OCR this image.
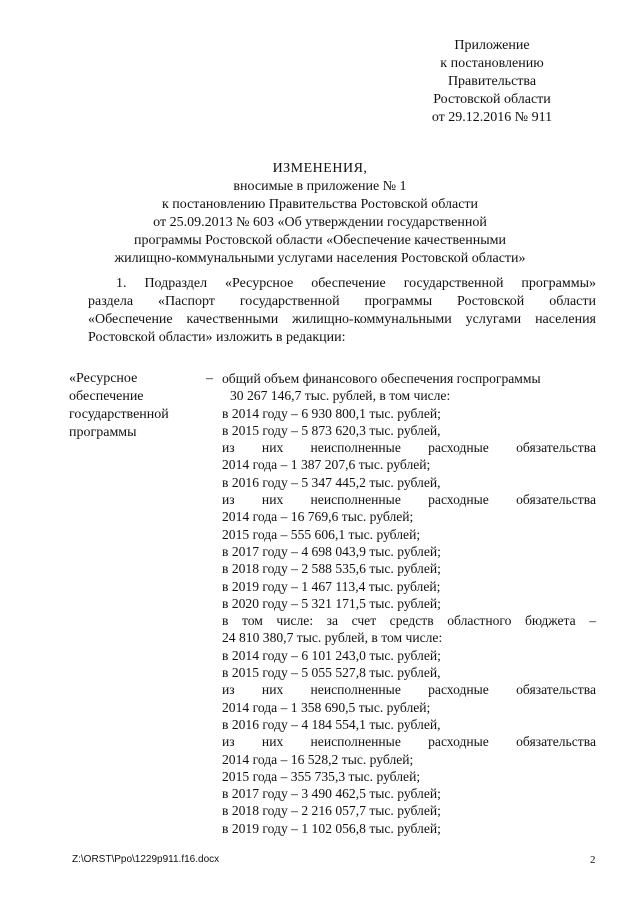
Приложение
к постановлению
Правительства
Ростовской области
от 29.12.2016 № 911
ИЗМЕНЕНИЯ,
вносимые в приложение № 1
к постановлению Правительства Ростовской области
от 25.09.2013 № 603 «Об утверждении государственной
программы Ростовской области «Обеспечение качественными
жилищно-коммунальными услугами населения Ростовской области»
1. Подраздел «Ресурсное обеспечение государственной программы»
раздела «Паспорт государственной программы Ростовской области
«Обеспечение качественными жилищно-коммунальными услугами населения
Ростовской области» изложить в редакции:
«Ресурсное
обеспечение
государственной
программы
– общий объем финансового обеспечения госпрограммы
30 267 146,7 тыс. рублей, в том числе:
в 2014 году – 6 930 800,1 тыс. рублей;
в 2015 году – 5 873 620,3 тыс. рублей,
из них неисполненные расходные обязательства
2014 года – 1 387 207,6 тыс. рублей;
в 2016 году – 5 347 445,2 тыс. рублей,
из них неисполненные расходные обязательства
2014 года – 16 769,6 тыс. рублей;
2015 года – 555 606,1 тыс. рублей;
в 2017 году – 4 698 043,9 тыс. рублей;
в 2018 году – 2 588 535,6 тыс. рублей;
в 2019 году – 1 467 113,4 тыс. рублей;
в 2020 году – 5 321 171,5 тыс. рублей;
в том числе: за счет средств областного бюджета –
24 810 380,7 тыс. рублей, в том числе:
в 2014 году – 6 101 243,0 тыс. рублей;
в 2015 году – 5 055 527,8 тыс. рублей,
из них неисполненные расходные обязательства
2014 года – 1 358 690,5 тыс. рублей;
в 2016 году – 4 184 554,1 тыс. рублей,
из них неисполненные расходные обязательства
2014 года – 16 528,2 тыс. рублей;
2015 года – 355 735,3 тыс. рублей;
в 2017 году – 3 490 462,5 тыс. рублей;
в 2018 году – 2 216 057,7 тыс. рублей;
в 2019 году – 1 102 056,8 тыс. рублей;
Z:\ORST\Ppo\1229p911.f16.docx	2
